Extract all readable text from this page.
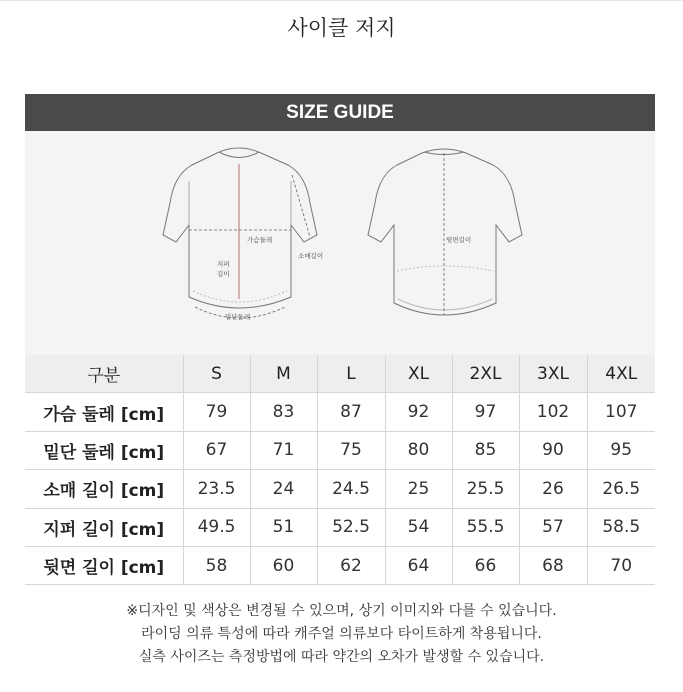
사이클 저지
SIZE GUIDE
가슴둘레
지퍼
길이
소매길이
밑단둘레
뒷면길이
구분	S	M	L	XL	2XL	3XL	4XL
가슴 둘레 [cm]	79	83	87	92	97	102	107
밑단 둘레 [cm]	67	71	75	80	85	90	95
소매 길이 [cm]	23.5	24	24.5	25	25.5	26	26.5
지퍼 길이 [cm]	49.5	51	52.5	54	55.5	57	58.5
뒷면 길이 [cm]	58	60	62	64	66	68	70
※디자인 및 색상은 변경될 수 있으며, 상기 이미지와 다를 수 있습니다.
라이딩 의류 특성에 따라 캐주얼 의류보다 타이트하게 착용됩니다.
실측 사이즈는 측정방법에 따라 약간의 오차가 발생할 수 있습니다.
